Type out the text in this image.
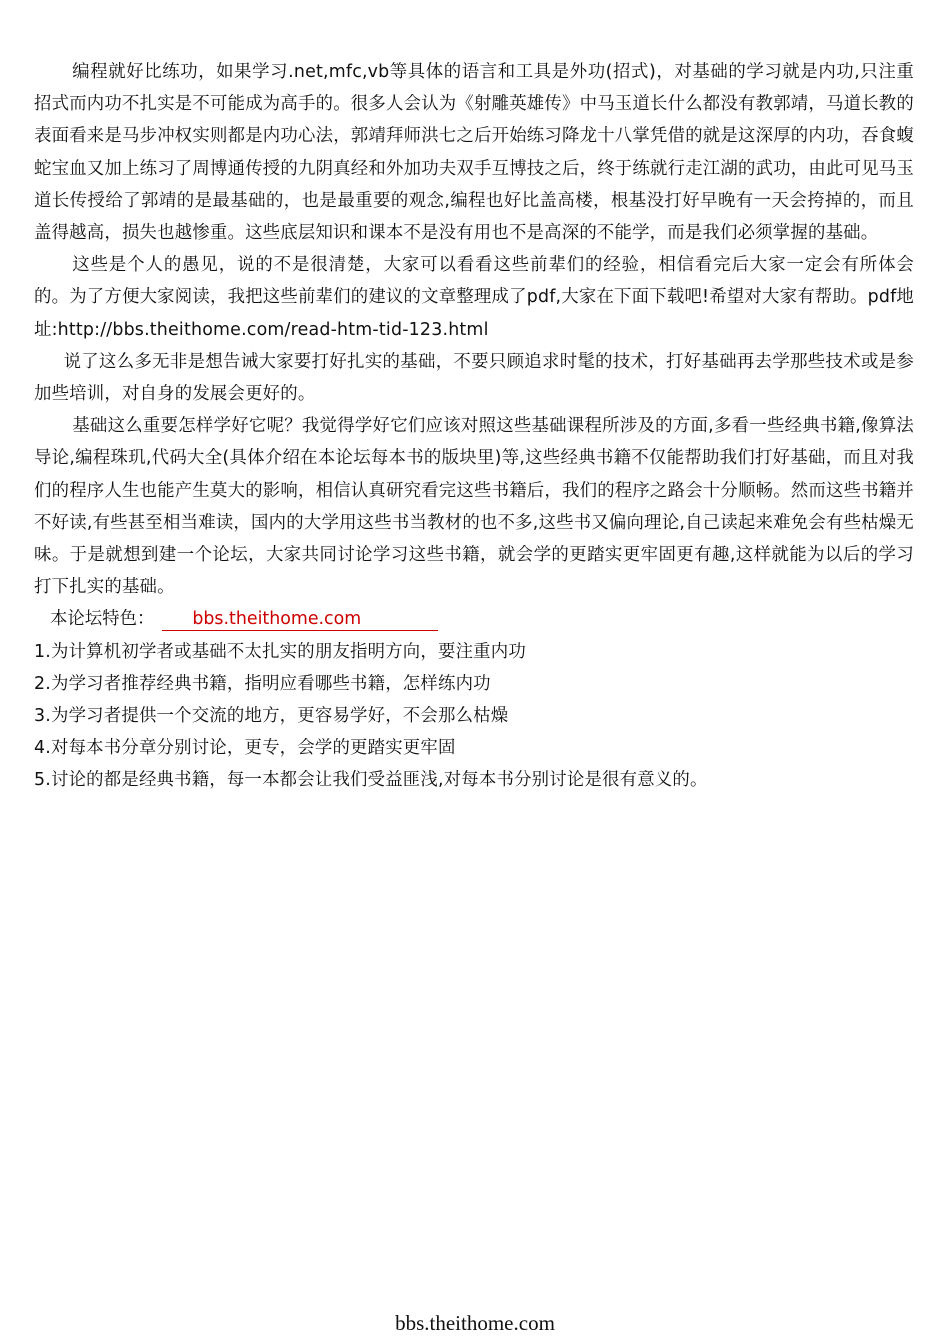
编程就好比练功，如果学习.net,mfc,vb等具体的语言和工具是外功(招式)，对基础的学习就是内功,只注重招式而内功不扎实是不可能成为高手的。很多人会认为《射雕英雄传》中马玉道长什么都没有教郭靖，马道长教的表面看来是马步冲权实则都是内功心法，郭靖拜师洪七之后开始练习降龙十八掌凭借的就是这深厚的内功，吞食蝮蛇宝血又加上练习了周博通传授的九阴真经和外加功夫双手互博技之后，终于练就行走江湖的武功，由此可见马玉道长传授给了郭靖的是最基础的，也是最重要的观念,编程也好比盖高楼，根基没打好早晚有一天会挎掉的，而且盖得越高，损失也越惨重。这些底层知识和课本不是没有用也不是高深的不能学，而是我们必须掌握的基础。

这些是个人的愚见，说的不是很清楚，大家可以看看这些前辈们的经验，相信看完后大家一定会有所体会的。为了方便大家阅读，我把这些前辈们的建议的文章整理成了pdf,大家在下面下载吧!希望对大家有帮助。pdf地址:http://bbs.theithome.com/read-htm-tid-123.html

说了这么多无非是想告诫大家要打好扎实的基础，不要只顾追求时髦的技术，打好基础再去学那些技术或是参加些培训，对自身的发展会更好的。

基础这么重要怎样学好它呢？我觉得学好它们应该对照这些基础课程所涉及的方面,多看一些经典书籍,像算法导论,编程珠玑,代码大全(具体介绍在本论坛每本书的版块里)等,这些经典书籍不仅能帮助我们打好基础，而且对我们的程序人生也能产生莫大的影响，相信认真研究看完这些书籍后，我们的程序之路会十分顺畅。然而这些书籍并不好读,有些甚至相当难读，国内的大学用这些书当教材的也不多,这些书又偏向理论,自己读起来难免会有些枯燥无味。于是就想到建一个论坛，大家共同讨论学习这些书籍，就会学的更踏实更牢固更有趣,这样就能为以后的学习打下扎实的基础。

本论坛特色： bbs.theithome.com
1.为计算机初学者或基础不太扎实的朋友指明方向，要注重内功
2.为学习者推荐经典书籍，指明应看哪些书籍，怎样练内功
3.为学习者提供一个交流的地方，更容易学好，不会那么枯燥
4.对每本书分章分别讨论，更专，会学的更踏实更牢固
5.讨论的都是经典书籍，每一本都会让我们受益匪浅,对每本书分别讨论是很有意义的。
bbs.theithome.com
